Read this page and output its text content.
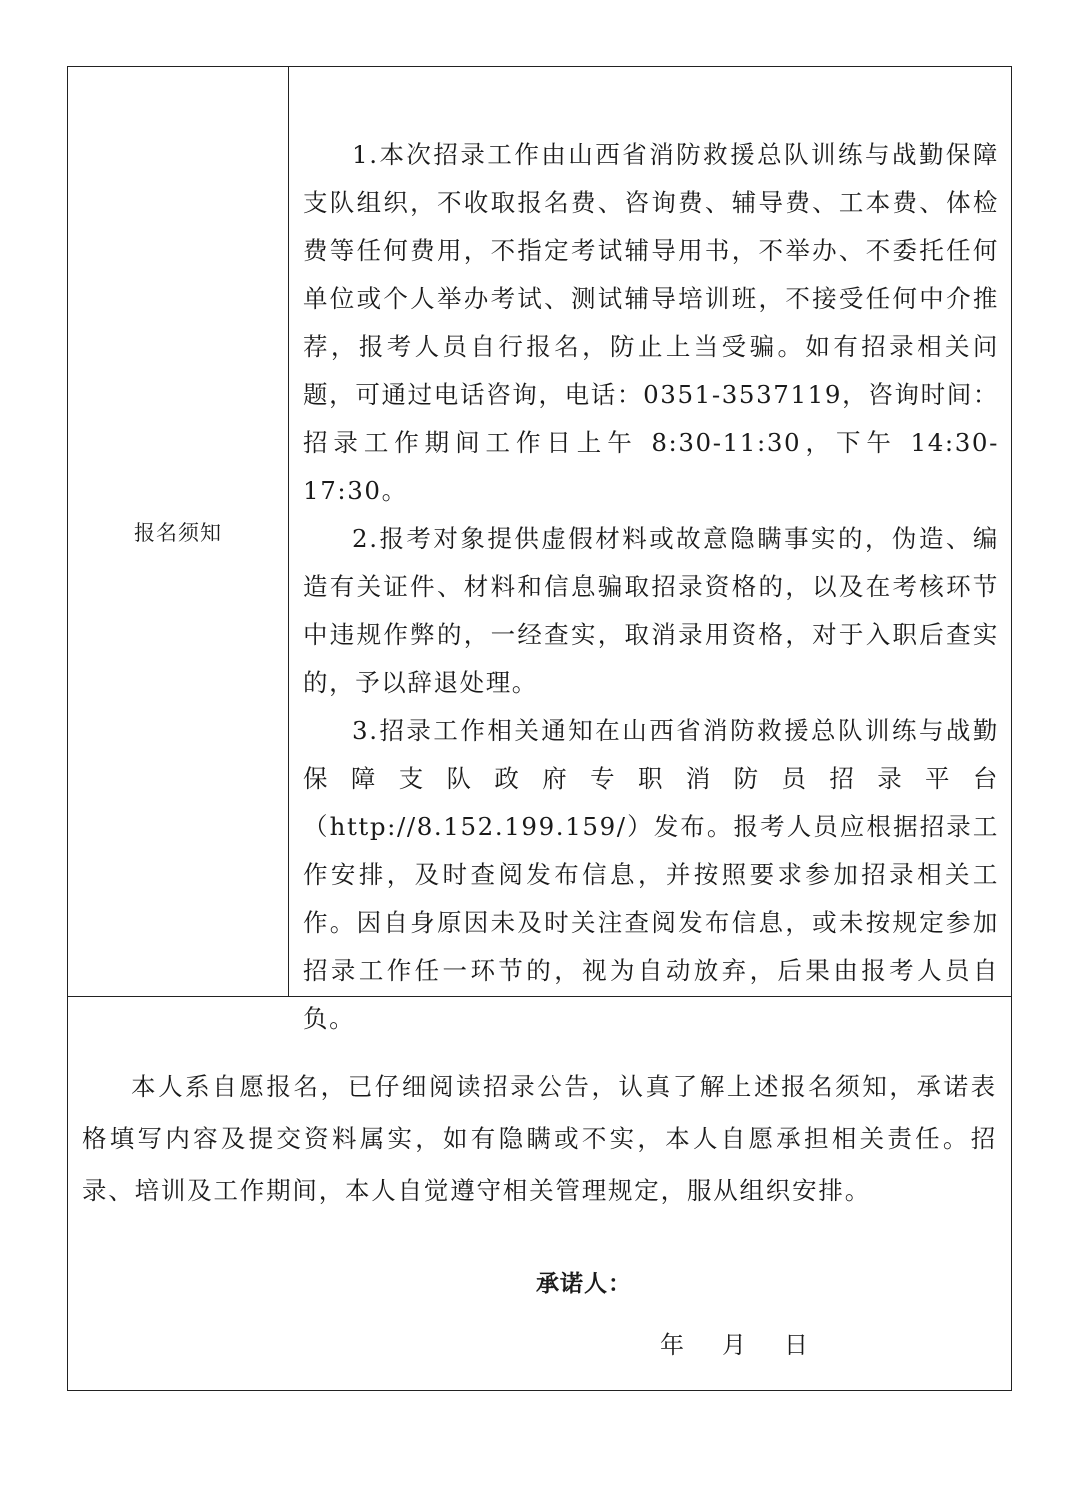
报名须知

1.本次招录工作由山西省消防救援总队训练与战勤保障支队组织，不收取报名费、咨询费、辅导费、工本费、体检费等任何费用，不指定考试辅导用书，不举办、不委托任何单位或个人举办考试、测试辅导培训班，不接受任何中介推荐，报考人员自行报名，防止上当受骗。如有招录相关问题，可通过电话咨询，电话：0351-3537119，咨询时间：招录工作期间工作日上午 8:30-11:30，下午 14:30-17:30。

2.报考对象提供虚假材料或故意隐瞒事实的，伪造、编造有关证件、材料和信息骗取招录资格的，以及在考核环节中违规作弊的，一经查实，取消录用资格，对于入职后查实的，予以辞退处理。

3.招录工作相关通知在山西省消防救援总队训练与战勤保障支队政府专职消防员招录平台（http://8.152.199.159/）发布。报考人员应根据招录工作安排，及时查阅发布信息，并按照要求参加招录相关工作。因自身原因未及时关注查阅发布信息，或未按规定参加招录工作任一环节的，视为自动放弃，后果由报考人员自负。

本人系自愿报名，已仔细阅读招录公告，认真了解上述报名须知，承诺表格填写内容及提交资料属实，如有隐瞒或不实，本人自愿承担相关责任。招录、培训及工作期间，本人自觉遵守相关管理规定，服从组织安排。

承诺人：
年 月 日
